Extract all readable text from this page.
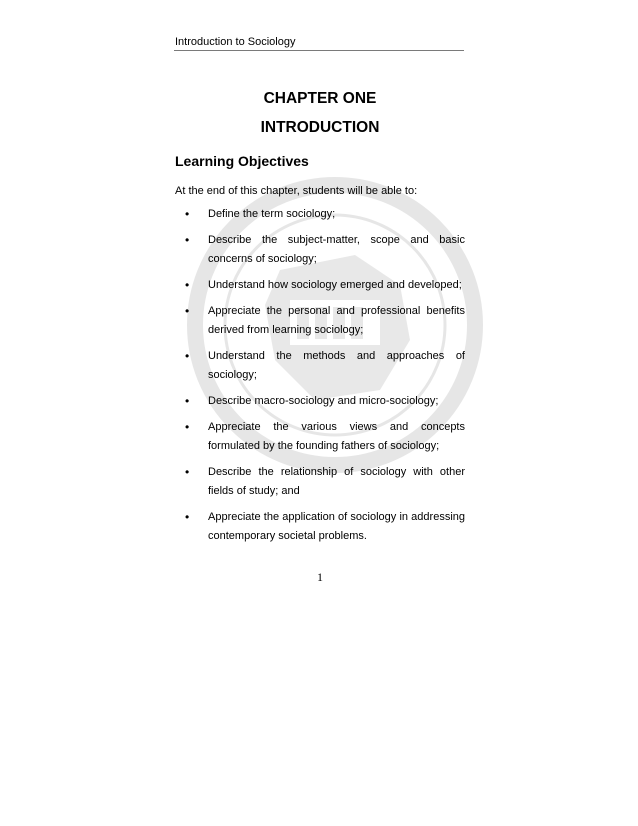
Introduction to Sociology
CHAPTER ONE
INTRODUCTION
Learning Objectives
At the end of this chapter, students will be able to:
• Define the term sociology;
• Describe the subject-matter, scope and basic concerns of sociology;
• Understand how sociology emerged and developed;
• Appreciate the personal and professional benefits derived from learning sociology;
• Understand the methods and approaches of sociology;
• Describe macro-sociology and micro-sociology;
• Appreciate the various views and concepts formulated by the founding fathers of sociology;
• Describe the relationship of sociology with other fields of study; and
• Appreciate the application of sociology in addressing contemporary societal problems.
1
